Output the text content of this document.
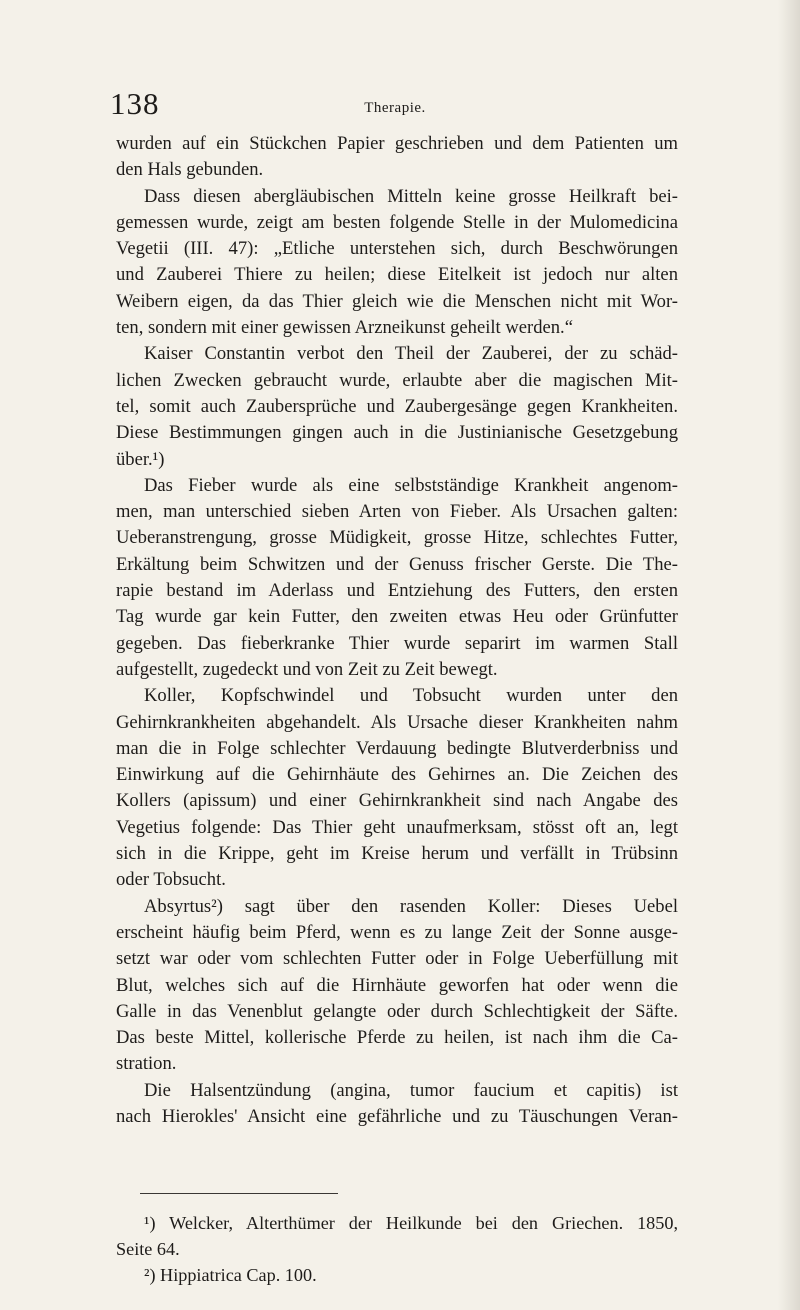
138	Therapie.
wurden auf ein Stückchen Papier geschrieben und dem Patienten um
den Hals gebunden.
Dass diesen abergläubischen Mitteln keine grosse Heilkraft bei-
gemessen wurde, zeigt am besten folgende Stelle in der Mulomedicina
Vegetii (III. 47): „Etliche unterstehen sich, durch Beschwörungen
und Zauberei Thiere zu heilen; diese Eitelkeit ist jedoch nur alten
Weibern eigen, da das Thier gleich wie die Menschen nicht mit Wor-
ten, sondern mit einer gewissen Arzneikunst geheilt werden.“
Kaiser Constantin verbot den Theil der Zauberei, der zu schäd-
lichen Zwecken gebraucht wurde, erlaubte aber die magischen Mit-
tel, somit auch Zaubersprüche und Zaubergesänge gegen Krankheiten.
Diese Bestimmungen gingen auch in die Justinianische Gesetzgebung
über.¹)
Das Fieber wurde als eine selbstständige Krankheit angenom-
men, man unterschied sieben Arten von Fieber. Als Ursachen galten:
Ueberanstrengung, grosse Müdigkeit, grosse Hitze, schlechtes Futter,
Erkältung beim Schwitzen und der Genuss frischer Gerste. Die The-
rapie bestand im Aderlass und Entziehung des Futters, den ersten
Tag wurde gar kein Futter, den zweiten etwas Heu oder Grünfutter
gegeben. Das fieberkranke Thier wurde separirt im warmen Stall
aufgestellt, zugedeckt und von Zeit zu Zeit bewegt.
Koller, Kopfschwindel und Tobsucht wurden unter den
Gehirnkrankheiten abgehandelt. Als Ursache dieser Krankheiten nahm
man die in Folge schlechter Verdauung bedingte Blutverderbniss und
Einwirkung auf die Gehirnhäute des Gehirnes an. Die Zeichen des
Kollers (apissum) und einer Gehirnkrankheit sind nach Angabe des
Vegetius folgende: Das Thier geht unaufmerksam, stösst oft an, legt
sich in die Krippe, geht im Kreise herum und verfällt in Trübsinn
oder Tobsucht.
Absyrtus²) sagt über den rasenden Koller: Dieses Uebel
erscheint häufig beim Pferd, wenn es zu lange Zeit der Sonne ausge-
setzt war oder vom schlechten Futter oder in Folge Ueberfüllung mit
Blut, welches sich auf die Hirnhäute geworfen hat oder wenn die
Galle in das Venenblut gelangte oder durch Schlechtigkeit der Säfte.
Das beste Mittel, kollerische Pferde zu heilen, ist nach ihm die Ca-
stration.
Die Halsentzündung (angina, tumor faucium et capitis) ist
nach Hierokles' Ansicht eine gefährliche und zu Täuschungen Veran-
¹) Welcker, Alterthümer der Heilkunde bei den Griechen. 1850,
Seite 64.
²) Hippiatrica Cap. 100.
